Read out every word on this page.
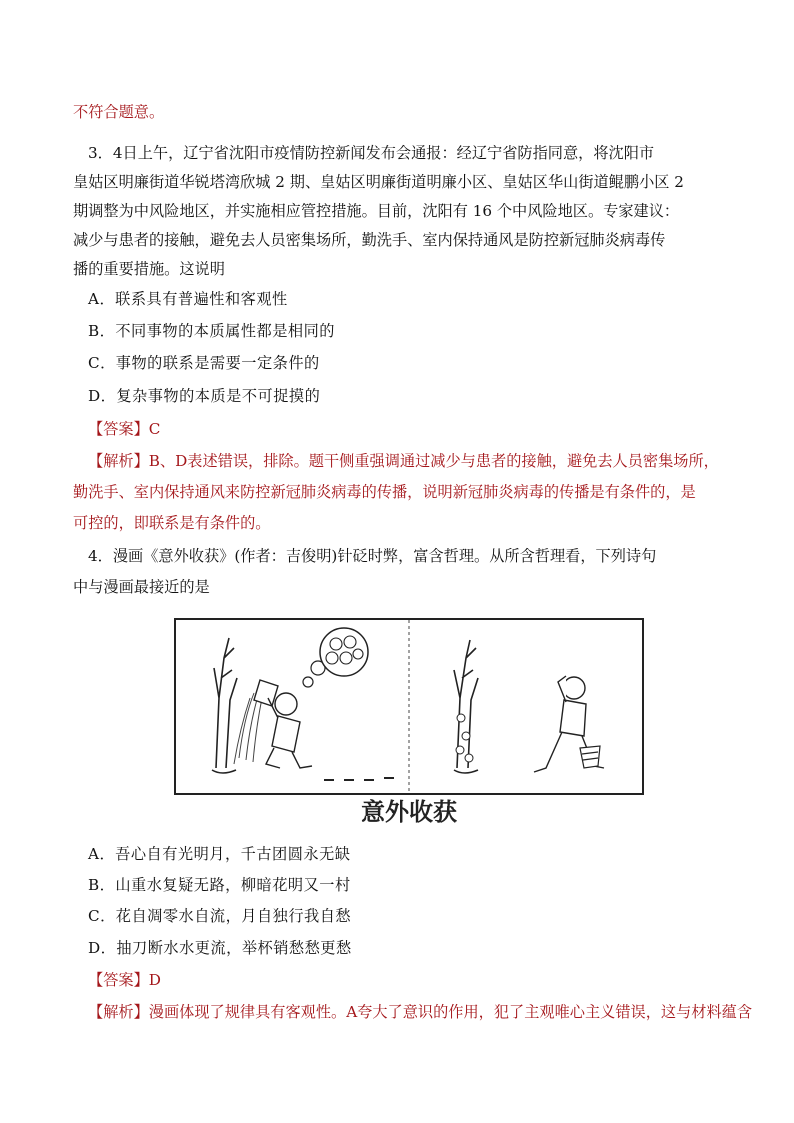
不符合题意。
3．4日上午，辽宁省沈阳市疫情防控新闻发布会通报：经辽宁省防指同意，将沈阳市
皇姑区明廉街道华锐塔湾欣城 2 期、皇姑区明廉街道明廉小区、皇姑区华山街道鲲鹏小区 2
期调整为中风险地区，并实施相应管控措施。目前，沈阳有 16 个中风险地区。专家建议：
减少与患者的接触，避免去人员密集场所，勤洗手、室内保持通风是防控新冠肺炎病毒传
播的重要措施。这说明
A．联系具有普遍性和客观性
B．不同事物的本质属性都是相同的
C．事物的联系是需要一定条件的
D．复杂事物的本质是不可捉摸的
【答案】C
【解析】B、D表述错误，排除。题干侧重强调通过减少与患者的接触，避免去人员密集场所，
勤洗手、室内保持通风来防控新冠肺炎病毒的传播，说明新冠肺炎病毒的传播是有条件的，是
可控的，即联系是有条件的。
4．漫画《意外收获》(作者：吉俊明)针砭时弊，富含哲理。从所含哲理看，下列诗句
中与漫画最接近的是
意外收获
A．吾心自有光明月，千古团圆永无缺
B．山重水复疑无路，柳暗花明又一村
C．花自凋零水自流，月自独行我自愁
D．抽刀断水水更流，举杯销愁愁更愁
【答案】D
【解析】漫画体现了规律具有客观性。A夸大了意识的作用，犯了主观唯心主义错误，这与材料蕴含
